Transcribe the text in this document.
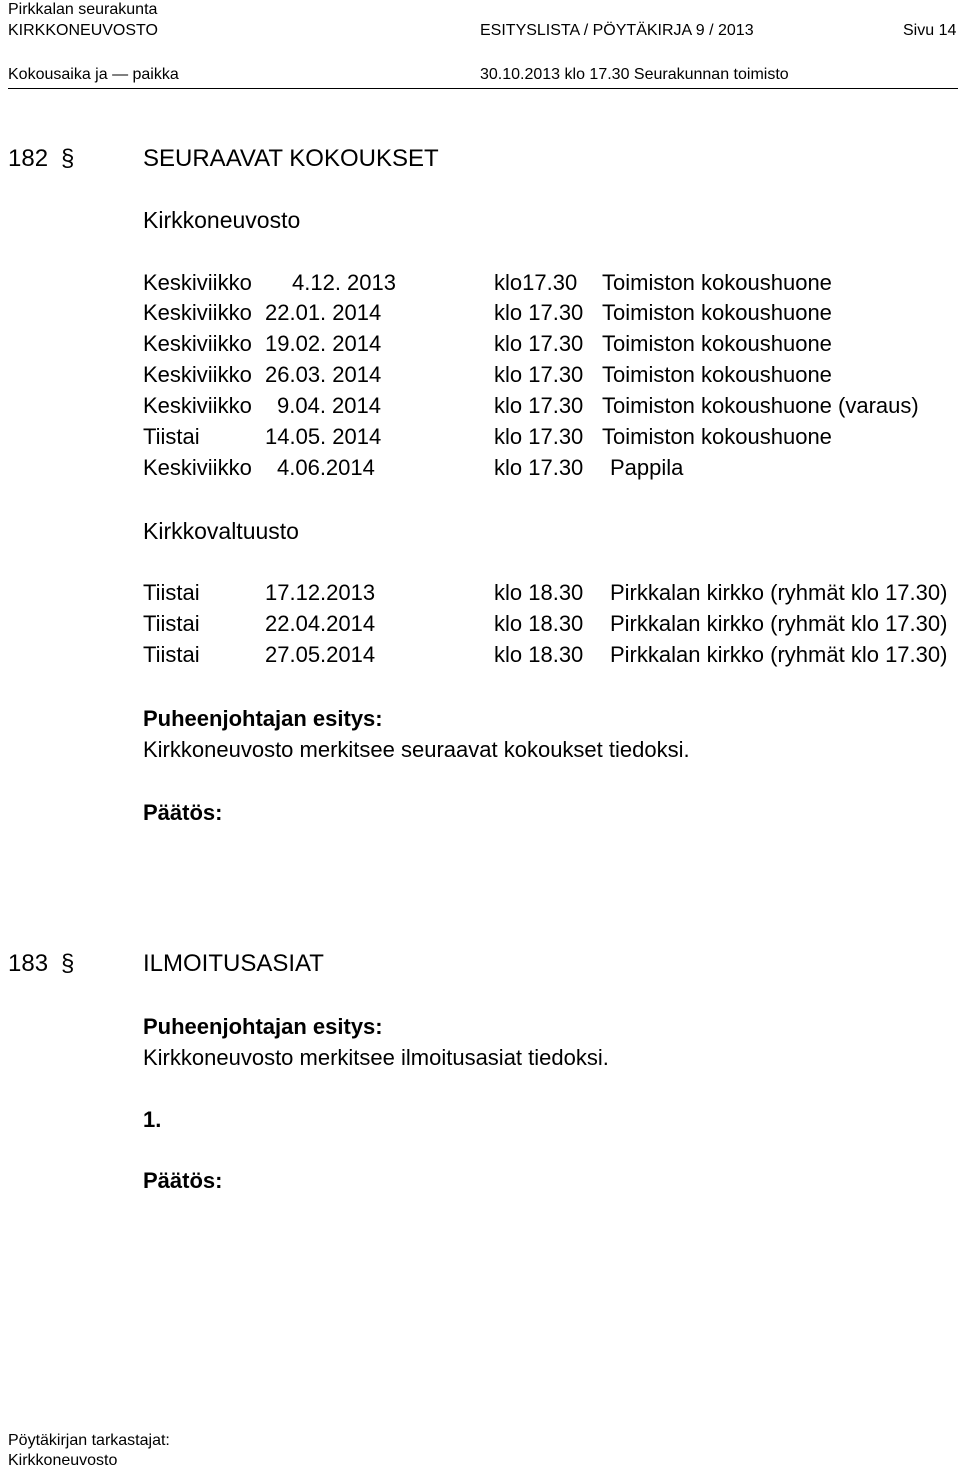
Pirkkalan seurakunta
KIRKKONEUVOSTO	ESITYSLISTA / PÖYTÄKIRJA 9 / 2013	Sivu 14
Kokousaika ja — paikka	30.10.2013 klo 17.30 Seurakunnan toimisto
182 §	SEURAAVAT KOKOUKSET
Kirkkoneuvosto
Keskiviikko 4.12. 2013	klo17.30 Toimiston kokoushuone
Keskiviikko 22.01. 2014	klo 17.30 Toimiston kokoushuone
Keskiviikko 19.02. 2014	klo 17.30 Toimiston kokoushuone
Keskiviikko 26.03. 2014	klo 17.30 Toimiston kokoushuone
Keskiviikko 9.04. 2014	klo 17.30 Toimiston kokoushuone (varaus)
Tiistai	14.05. 2014	klo 17.30 Toimiston kokoushuone
Keskiviikko 4.06.2014	klo 17.30 Pappila
Kirkkovaltuusto
Tiistai	17.12.2013	klo 18.30 Pirkkalan kirkko (ryhmät klo 17.30)
Tiistai	22.04.2014	klo 18.30 Pirkkalan kirkko (ryhmät klo 17.30)
Tiistai	27.05.2014	klo 18.30 Pirkkalan kirkko (ryhmät klo 17.30)
Puheenjohtajan esitys:
Kirkkoneuvosto merkitsee seuraavat kokoukset tiedoksi.
Päätös:
183 §	ILMOITUSASIAT
Puheenjohtajan esitys:
Kirkkoneuvosto merkitsee ilmoitusasiat tiedoksi.
1.
Päätös:
Pöytäkirjan tarkastajat:
Kirkkoneuvosto
